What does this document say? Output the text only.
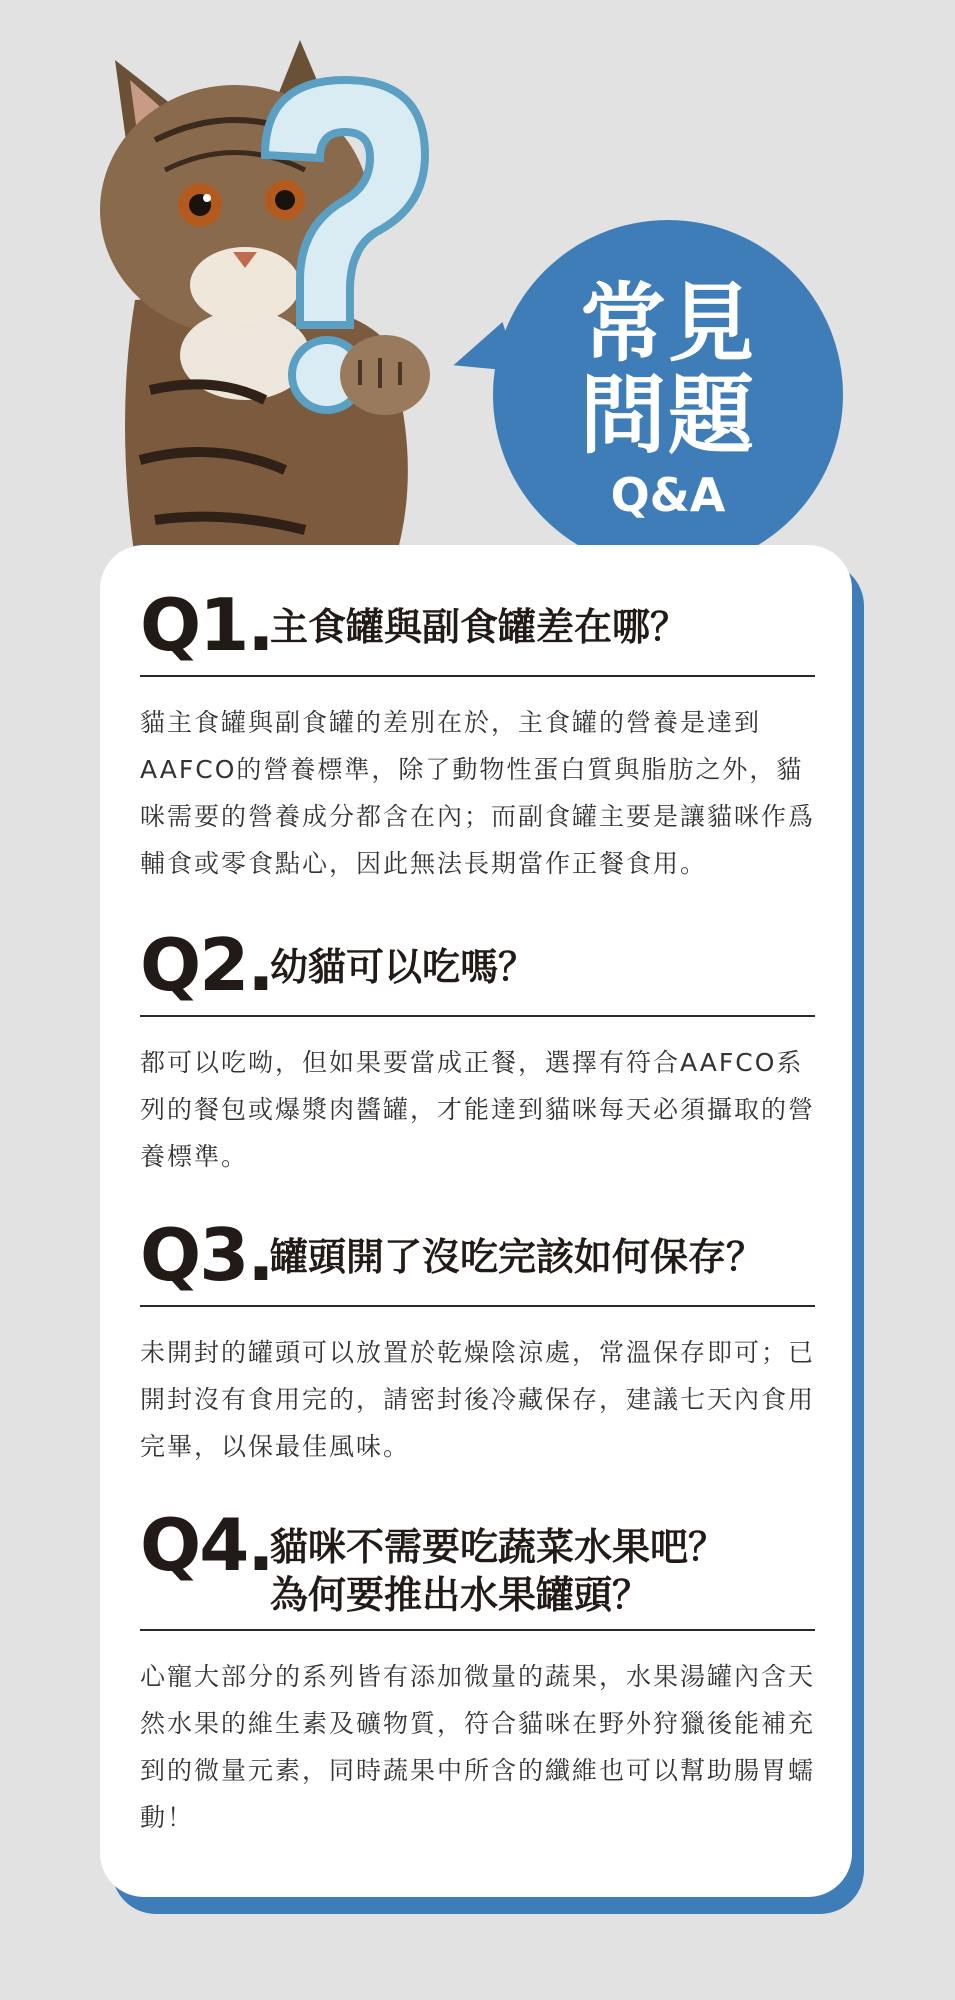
常見
問題
Q&A
Q1.
主食罐與副食罐差在哪？
貓主食罐與副食罐的差別在於，主食罐的營養是達到AAFCO的營養標準，除了動物性蛋白質與脂肪之外，貓咪需要的營養成分都含在內；而副食罐主要是讓貓咪作爲輔食或零食點心，因此無法長期當作正餐食用。
Q2.
幼貓可以吃嗎？
都可以吃呦，但如果要當成正餐，選擇有符合AAFCO系列的餐包或爆漿肉醬罐，才能達到貓咪每天必須攝取的營養標準。
Q3.
罐頭開了沒吃完該如何保存？
未開封的罐頭可以放置於乾燥陰涼處，常溫保存即可；已開封沒有食用完的，請密封後冷藏保存，建議七天內食用完畢，以保最佳風味。
Q4.
貓咪不需要吃蔬菜水果吧？
為何要推出水果罐頭？
心寵大部分的系列皆有添加微量的蔬果，水果湯罐內含天然水果的維生素及礦物質，符合貓咪在野外狩獵後能補充到的微量元素，同時蔬果中所含的纖維也可以幫助腸胃蠕動！
